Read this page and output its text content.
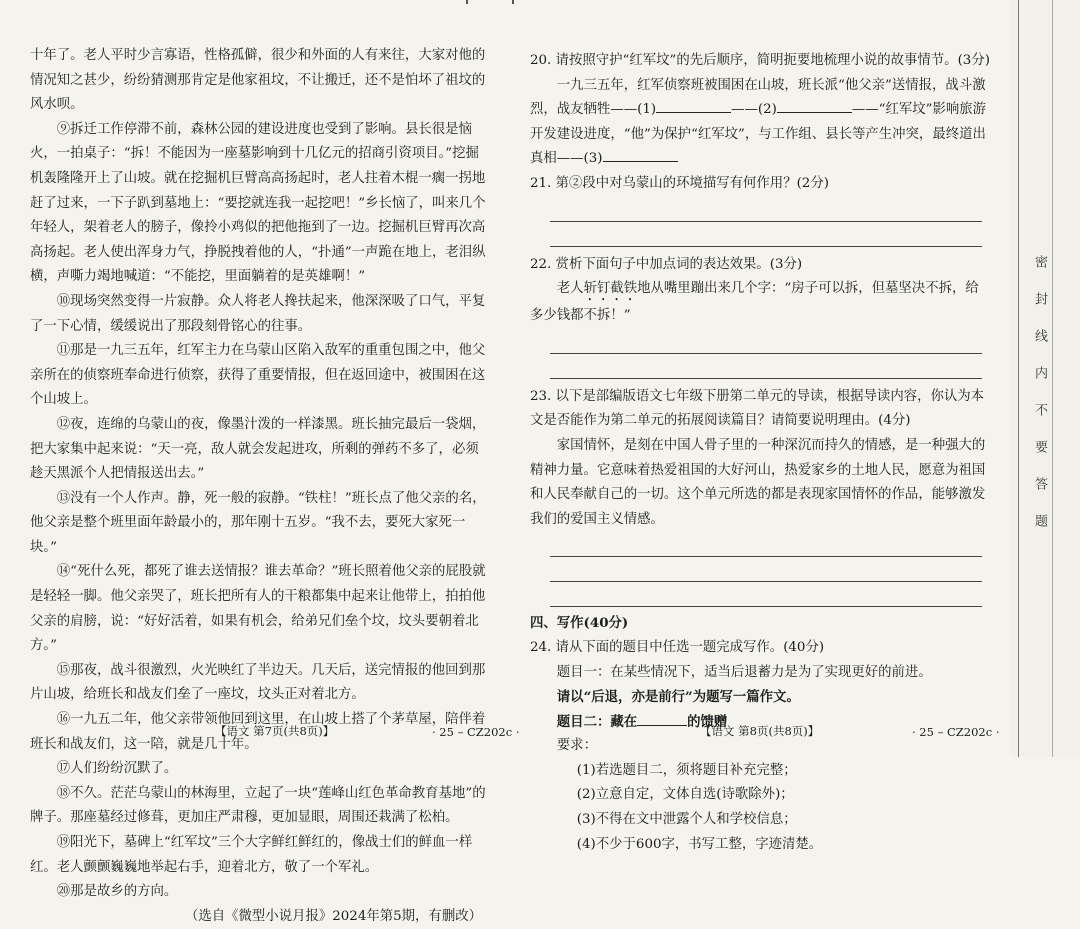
十年了。老人平时少言寡语，性格孤僻，很少和外面的人有来往，大家对他的情况知之甚少，纷纷猜测那肯定是他家祖坟，不让搬迁，还不是怕坏了祖坟的风水呗。

⑨拆迁工作停滞不前，森林公园的建设进度也受到了影响。县长很是恼火，一拍桌子：“拆！不能因为一座墓影响到十几亿元的招商引资项目。”挖掘机轰隆隆开上了山坡。就在挖掘机巨臂高高扬起时，老人拄着木棍一瘸一拐地赶了过来，一下子趴到墓地上：“要挖就连我一起挖吧！”乡长恼了，叫来几个年轻人，架着老人的膀子，像拎小鸡似的把他拖到了一边。挖掘机巨臂再次高高扬起。老人使出浑身力气，挣脱拽着他的人，“扑通”一声跪在地上，老泪纵横，声嘶力竭地喊道：“不能挖，里面躺着的是英雄啊！”

⑩现场突然变得一片寂静。众人将老人搀扶起来，他深深吸了口气，平复了一下心情，缓缓说出了那段刻骨铭心的往事。

⑪那是一九三五年，红军主力在乌蒙山区陷入敌军的重重包围之中，他父亲所在的侦察班奉命进行侦察，获得了重要情报，但在返回途中，被围困在这个山坡上。

⑫夜，连绵的乌蒙山的夜，像墨汁泼的一样漆黑。班长抽完最后一袋烟，把大家集中起来说：“天一亮，敌人就会发起进攻，所剩的弹药不多了，必须趁天黑派个人把情报送出去。”

⑬没有一个人作声。静，死一般的寂静。“铁柱！”班长点了他父亲的名，他父亲是整个班里面年龄最小的，那年刚十五岁。“我不去，要死大家死一块。”

⑭“死什么死，都死了谁去送情报？谁去革命？”班长照着他父亲的屁股就是轻轻一脚。他父亲哭了，班长把所有人的干粮都集中起来让他带上，拍拍他父亲的肩膀，说：“好好活着，如果有机会，给弟兄们垒个坟，坟头要朝着北方。”

⑮那夜，战斗很激烈，火光映红了半边天。几天后，送完情报的他回到那片山坡，给班长和战友们垒了一座坟，坟头正对着北方。

⑯一九五二年，他父亲带领他回到这里，在山坡上搭了个茅草屋，陪伴着班长和战友们，这一陪，就是几十年。

⑰人们纷纷沉默了。

⑱不久。茫茫乌蒙山的林海里，立起了一块“莲峰山红色革命教育基地”的牌子。那座墓经过修葺，更加庄严肃穆，更加显眼，周围还栽满了松柏。

⑲阳光下，墓碑上“红军坟”三个大字鲜红鲜红的，像战士们的鲜血一样红。老人颤颤巍巍地举起右手，迎着北方，敬了一个军礼。

⑳那是故乡的方向。

（选自《微型小说月报》2024年第5期，有删改）

【语文 第7页(共8页)】	· 25 – CZ202c ·

20. 请按照守护“红军坟”的先后顺序，简明扼要地梳理小说的故事情节。(3分)

一九三五年，红军侦察班被围困在山坡，班长派“他父亲”送情报，战斗激烈，战友牺牲——(1)	——(2)	——“红军坟”影响旅游开发建设进度，“他”为保护“红军坟”，与工作组、县长等产生冲突，最终道出真相——(3)

21. 第②段中对乌蒙山的环境描写有何作用？(2分)

22. 赏析下面句子中加点词的表达效果。(3分)

老人斩钉截铁地从嘴里蹦出来几个字：“房子可以拆，但墓坚决不拆，给多少钱都不拆！”

23. 以下是部编版语文七年级下册第二单元的导读，根据导读内容，你认为本文是否能作为第二单元的拓展阅读篇目？请简要说明理由。(4分)

家国情怀，是刻在中国人骨子里的一种深沉而持久的情感，是一种强大的精神力量。它意味着热爱祖国的大好河山，热爱家乡的土地人民，愿意为祖国和人民奉献自己的一切。这个单元所选的都是表现家国情怀的作品，能够激发我们的爱国主义情感。

四、写作(40分)

24. 请从下面的题目中任选一题完成写作。(40分)

题目一：在某些情况下，适当后退蓄力是为了实现更好的前进。

请以“后退，亦是前行”为题写一篇作文。

题目二：藏在	的馈赠

要求：

(1)若选题目二，须将题目补充完整；

(2)立意自定，文体自选(诗歌除外)；

(3)不得在文中泄露个人和学校信息；

(4)不少于600字，书写工整，字迹清楚。

【语文 第8页(共8页)】	· 25 – CZ202c ·
密封线内不要答题
